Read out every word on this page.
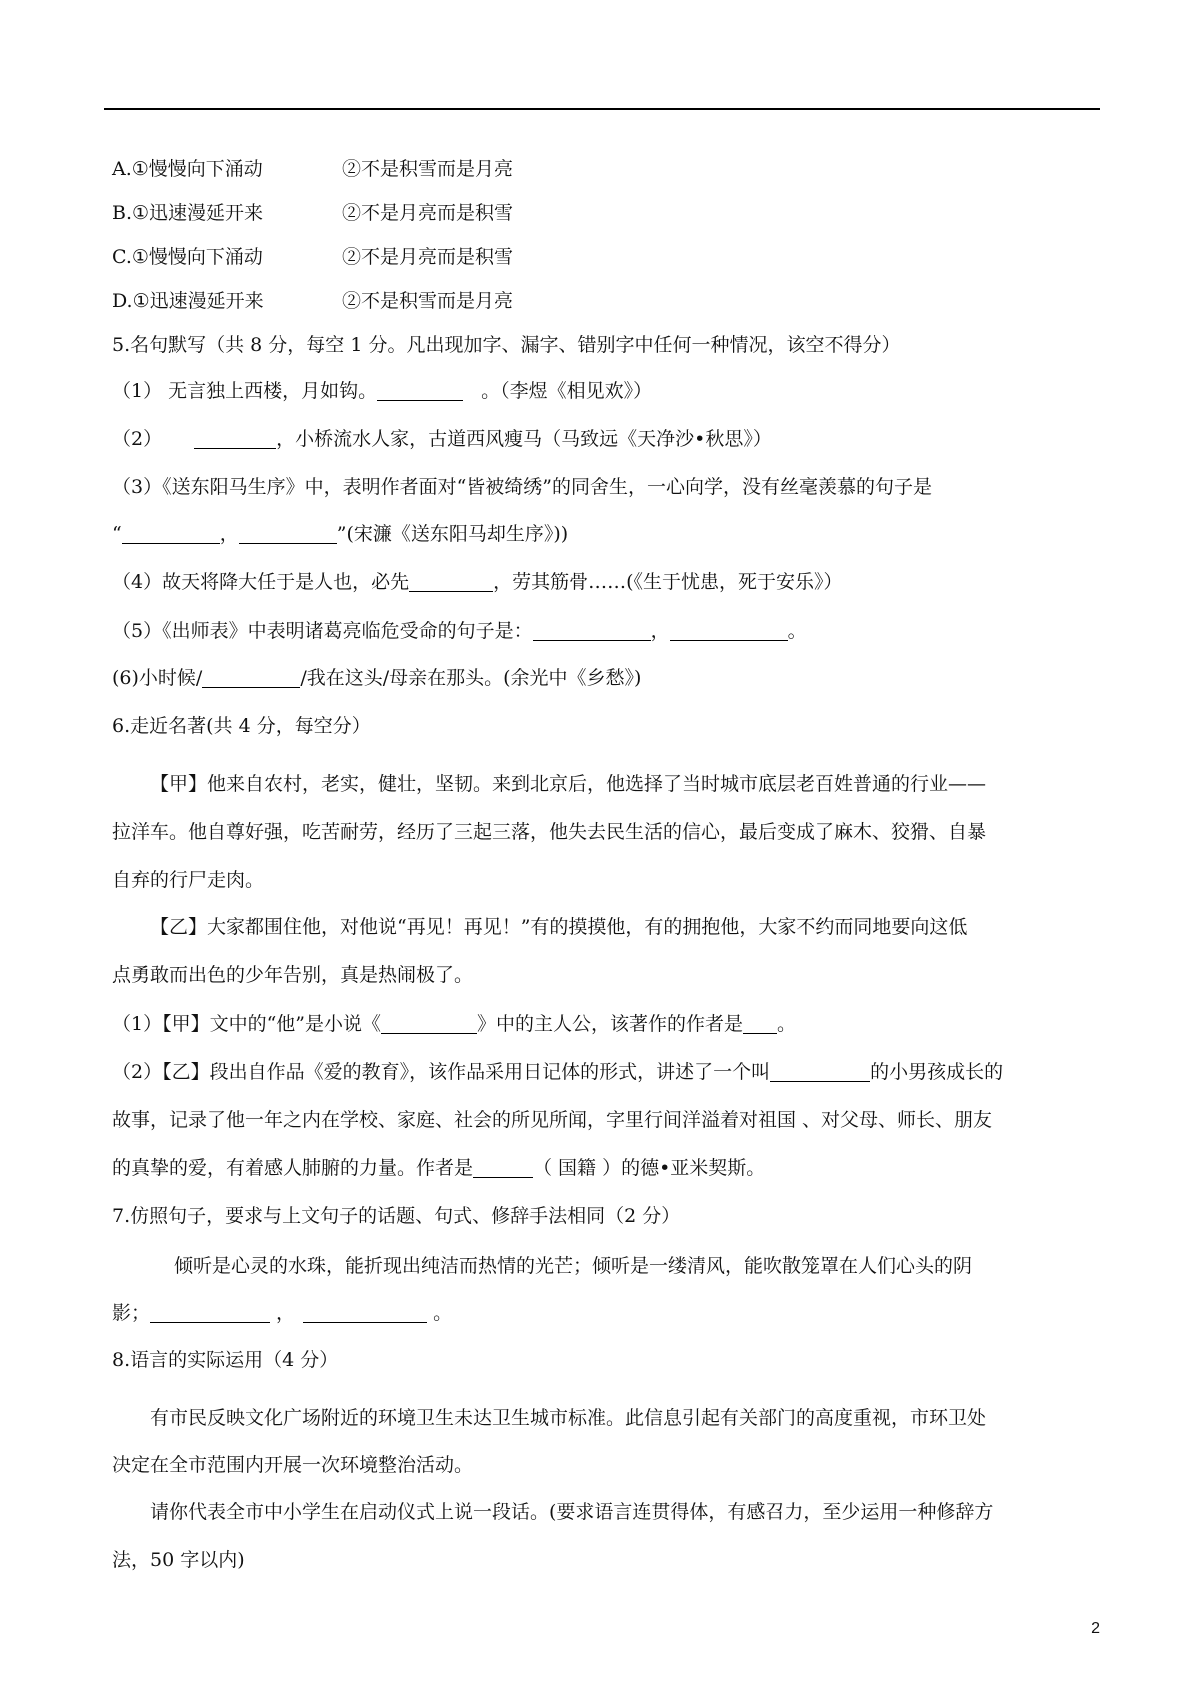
A.①慢慢向下涌动	②不是积雪而是月亮
B.①迅速漫延开来	②不是月亮而是积雪
C.①慢慢向下涌动	②不是月亮而是积雪
D.①迅速漫延开来	②不是积雪而是月亮
5.名句默写（共 8 分，每空 1 分。凡出现加字、漏字、错别字中任何一种情况，该空不得分）
（1） 无言独上西楼，月如钩。	。（李煜《相见欢》）
（2）	，小桥流水人家，古道西风瘦马（马致远《天净沙•秋思》）
（3）《送东阳马生序》中，表明作者面对“皆被绮绣”的同舍生，一心向学，没有丝毫羡慕的句子是
“	，	”(宋濂《送东阳马却生序》))
（4）故天将降大任于是人也，必先	，劳其筋骨……(《生于忧患，死于安乐》）
（5）《出师表》中表明诸葛亮临危受命的句子是：	，	。
(6)小时候/	/我在这头/母亲在那头。(余光中《乡愁》)
6.走近名著(共 4 分，每空分）
【甲】他来自农村，老实，健壮，坚韧。来到北京后，他选择了当时城市底层老百姓普通的行业——
拉洋车。他自尊好强，吃苦耐劳，经历了三起三落，他失去民生活的信心，最后变成了麻木、狡猾、自暴
自弃的行尸走肉。
【乙】大家都围住他，对他说“再见！再见！”有的摸摸他，有的拥抱他，大家不约而同地要向这低
点勇敢而出色的少年告别，真是热闹极了。
（1）【甲】文中的“他”是小说《	》中的主人公，该著作的作者是 。
（2）【乙】段出自作品《爱的教育》，该作品采用日记体的形式，讲述了一个叫	的小男孩成长的
故事，记录了他一年之内在学校、家庭、社会的所见所闻，字里行间洋溢着对祖国 、对父母、师长、朋友
的真挚的爱，有着感人肺腑的力量。作者是	（ 国籍 ）的德•亚米契斯。
7.仿照句子，要求与上文句子的话题、句式、修辞手法相同（2 分）
倾听是心灵的水珠，能折现出纯洁而热情的光芒；倾听是一缕清风，能吹散笼罩在人们心头的阴
影；	，	。
8.语言的实际运用（4 分）
有市民反映文化广场附近的环境卫生未达卫生城市标准。此信息引起有关部门的高度重视，市环卫处
决定在全市范围内开展一次环境整治活动。
请你代表全市中小学生在启动仪式上说一段话。(要求语言连贯得体，有感召力，至少运用一种修辞方
法，50 字以内)
2
